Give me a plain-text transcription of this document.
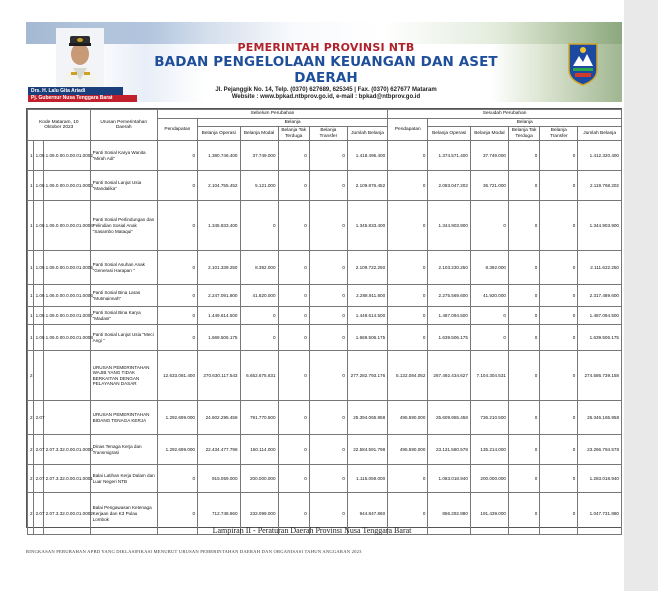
Drs. H. Lalu Gita Ariadi
Pj. Gubernur Nusa Tenggara Barat
PEMERINTAH PROVINSI NTB
BADAN PENGELOLAAN KEUANGAN DAN ASET DAERAH
Jl. Pejanggik No. 14, Telp. (0370) 627689, 625345 | Fax. (0370) 627677 Mataram
Website : www.bpkad.ntbprov.go.id, e-mail : bpkad@ntbprov.go.id
Kode Mataram, 10 Oktober 2023			Urusan Pemerintahan Daerah	Sebelum Perubahan						Sesudah Perubahan					
				Pendapatan	Belanja					Pendapatan	Belanja				
					Belanja Operasi	Belanja Modal	Belanja Tak Terduga	Belanja Transfer	Jumlah Belanja		Belanja Operasi	Belanja Modal	Belanja Tak Terduga	Belanja Transfer	Jumlah Belanja
1	1.06	1.06.0.00.0.00.01.0002	Panti Sosial Karya Wanita "Mirah Adi"	0	1.380.746.400	37.749.000	0	0	1.418.495.400	0	1.374.571.400	37.749.000	0	0	1.412.320.400
1	1.06	1.06.0.00.0.00.01.0003	Panti Sosial Lanjut Usia "Mandalika"	0	2.104.755.452	5.121.000	0	0	2.109.876.452	0	2.083.047.202	36.721.000	0	0	2.119.768.202
1	1.06	1.06.0.00.0.00.01.0004	Panti Sosial Perlindungan dan Pelindian Sosial Anak "Sasambo Mataqui"	0	1.345.833.400	0	0	0	1.345.833.400	0	1.344.903.900	0	0	0	1.344.903.900
1	1.06	1.06.0.00.0.00.01.0005	Panti Sosial Asuhan Anak "Generasi Harapan "	0	2.101.339.250	8.392.000	0	0	2.109.722.250	0	2.103.230.250	8.392.000	0	0	2.111.622.250
1	1.06	1.06.0.00.0.00.01.0006	Panti Sosial Bina Laras "Mutmainnah"	0	2.247.091.800	41.820.000	0	0	2.288.911.800	0	2.275.569.600	41.920.000	0	0	2.317.489.600
1	1.06	1.06.0.00.0.00.01.0007	Panti Sosial Bina Karya "Madani"	0	1.449.614.500	0	0	0	1.449.614.500	0	1.487.094.500	0	0	0	1.487.094.500
1	1.06	1.06.0.00.0.00.01.0008	Panti Sosial Lanjut Usia "Meci Angi "	0	1.669.506.175	0	0	0	1.669.506.175	0	1.639.506.175	0	0	0	1.639.506.175
2			URUSAN PEMERINTAHAN WAJIB YANG TIDAK BERKAITAN DENGAN PELAYANAN DASAR	12.633.081.400	270.630.117.543	6.652.675.631	0	0	277.282.793.176	5.132.084.052	267.492.434.627	7.104.304.531	0	0	274.586.739.158
2	2.07		URUSAN PEMERINTAHAN BIDANG TENAGA KERJA	1.292.699.000	24.602.295.458	791.770.500	0	0	25.394.065.958	495.590.000	25.609.955.458	736.210.500	0	0	26.346.165.958
2	2.07	2.07.3.32.0.00.01.0000	Dinas Tenaga Kerja dan Transmigrasi	1.292.699.000	22.434.477.798	150.114.000	0	0	22.584.591.798	495.590.000	23.131.580.578	135.214.000	0	0	23.266.794.578
2	2.07	2.07.3.32.0.00.01.0001	Balai Latihan Kerja Dalam dan Luar Negeri NTB	0	915.059.000	200.000.000	0	0	1.115.059.000	0	1.083.018.940	200.000.000	0	0	1.283.018.940
2	2.07	2.07.3.32.0.00.01.0002	Balai Pengawasan Ketenaga Kerjaan dan K3 Pulau Lombok	0	712.748.860	232.099.000	0	0	944.847.860	0	856.292.880	191.439.000	0	0	1.047.731.880
Lampiran II - Peraturan Daerah Provinsi Nusa Tenggara Barat
RINGKASAN PERUBAHAN APBD YANG DIKLASIFIKASI MENURUT URUSAN PEMERINTAHAN DAERAH DAN ORGANISASI TAHUN ANGGARAN 2023
